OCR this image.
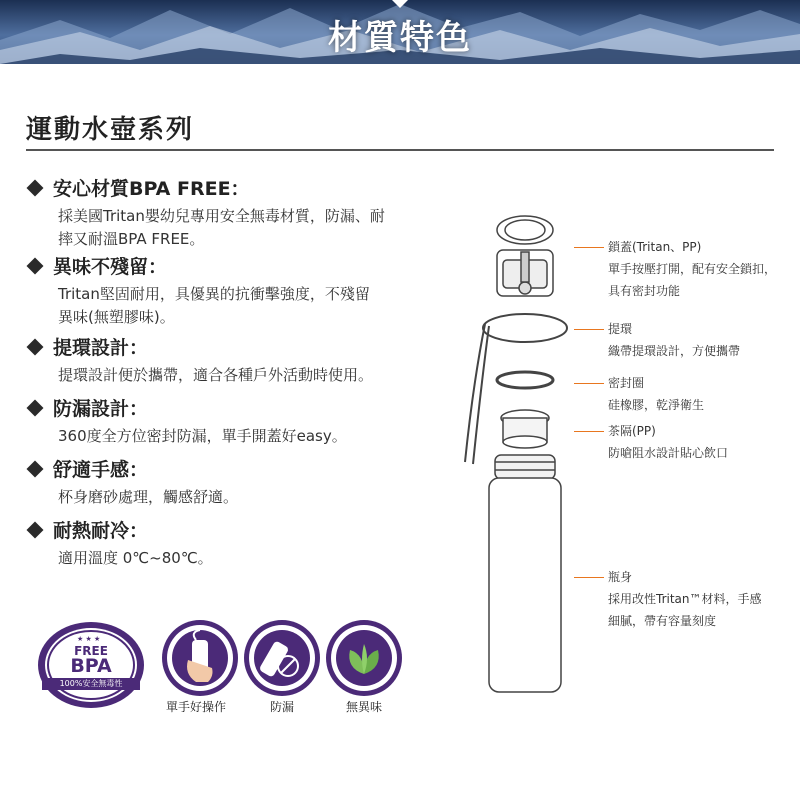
材質特色
運動水壺系列
安心材質BPA FREE：
採美國Tritan嬰幼兒專用安全無毒材質，防漏、耐
摔又耐溫BPA FREE。
異味不殘留：
Tritan堅固耐用，具優異的抗衝擊強度，不殘留
異味(無塑膠味)。
提環設計：
提環設計便於攜帶，適合各種戶外活動時使用。
防漏設計：
360度全方位密封防漏，單手開蓋好easy。
舒適手感：
杯身磨砂處理，觸感舒適。
耐熱耐冷：
適用溫度 0℃~80℃。
★ ★ ★
FREE
BPA
100%安全無毒性
單手好操作	防漏	無異味
鎖蓋(Tritan、PP)
單手按壓打開，配有安全鎖扣，
具有密封功能
提環
織帶提環設計，方便攜帶
密封圈
硅橡膠，乾淨衛生
茶隔(PP)
防嗆阻水設計貼心飲口
瓶身
採用改性Tritan™材料，手感
細膩，帶有容量刻度
